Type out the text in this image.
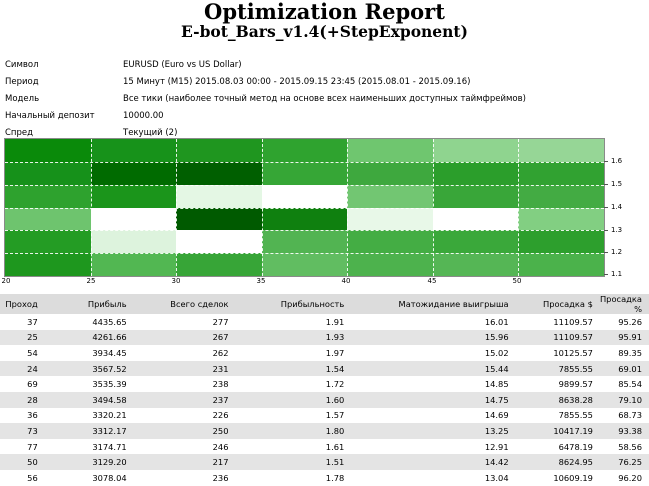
Optimization Report
E-bot_Bars_v1.4(+StepExponent)
Символ	EURUSD (Euro vs US Dollar)
Период	15 Минут (M15) 2015.08.03 00:00 - 2015.09.15 23:45 (2015.08.01 - 2015.09.16)
Модель	Все тики (наиболее точный метод на основе всех наименьших доступных таймфреймов)
Начальный депозит	10000.00
Спред	Текущий (2)
1.6
1.5
1.4
1.3
1.2
1.1
20	25	30	35	40	45	50
Проход	Прибыль	Всего сделок	Прибыльность	Матожидание выигрыша	Просадка $	Просадка %
37	4435.65	277	1.91	16.01	11109.57	95.26
25	4261.66	267	1.93	15.96	11109.57	95.91
54	3934.45	262	1.97	15.02	10125.57	89.35
24	3567.52	231	1.54	15.44	7855.55	69.01
69	3535.39	238	1.72	14.85	9899.57	85.54
28	3494.58	237	1.60	14.75	8638.28	79.10
36	3320.21	226	1.57	14.69	7855.55	68.73
73	3312.17	250	1.80	13.25	10417.19	93.38
77	3174.71	246	1.61	12.91	6478.19	58.56
50	3129.20	217	1.51	14.42	8624.95	76.25
56	3078.04	236	1.78	13.04	10609.19	96.20
